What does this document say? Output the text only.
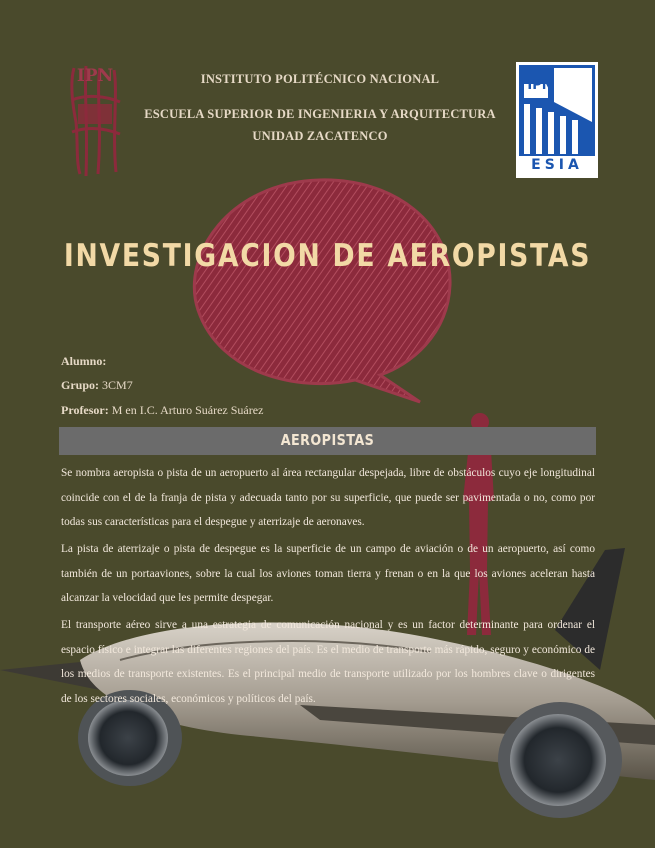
IPN
ESIA
IPN	INSTITUTO POLITÉCNICO NACIONAL
ESCUELA SUPERIOR DE INGENIERIA Y ARQUITECTURA
UNIDAD ZACATENCO
INVESTIGACION DE AEROPISTAS
Alumno:
Grupo: 3CM7
Profesor: M en I.C. Arturo Suárez Suárez
AEROPISTAS
Se nombra aeropista o pista de un aeropuerto al área rectangular despejada, libre de obstáculos cuyo eje longitudinal coincide con el de la franja de pista y adecuada tanto por su superficie, que puede ser pavimentada o no, como por todas sus características para el despegue y aterrizaje de aeronaves.
La pista de aterrizaje o pista de despegue es la superficie de un campo de aviación o de un aeropuerto, así como también de un portaaviones, sobre la cual los aviones toman tierra y frenan o en la que los aviones aceleran hasta alcanzar la velocidad que les permite despegar.
El transporte aéreo sirve a una estrategia de comunicación nacional y es un factor determinante para ordenar el espacio físico e integrar las diferentes regiones del país. Es el medio de transporte más rápido, seguro y económico de los medios de transporte existentes. Es el principal medio de transporte utilizado por los hombres clave o dirigentes de los sectores sociales, económicos y políticos del país.
